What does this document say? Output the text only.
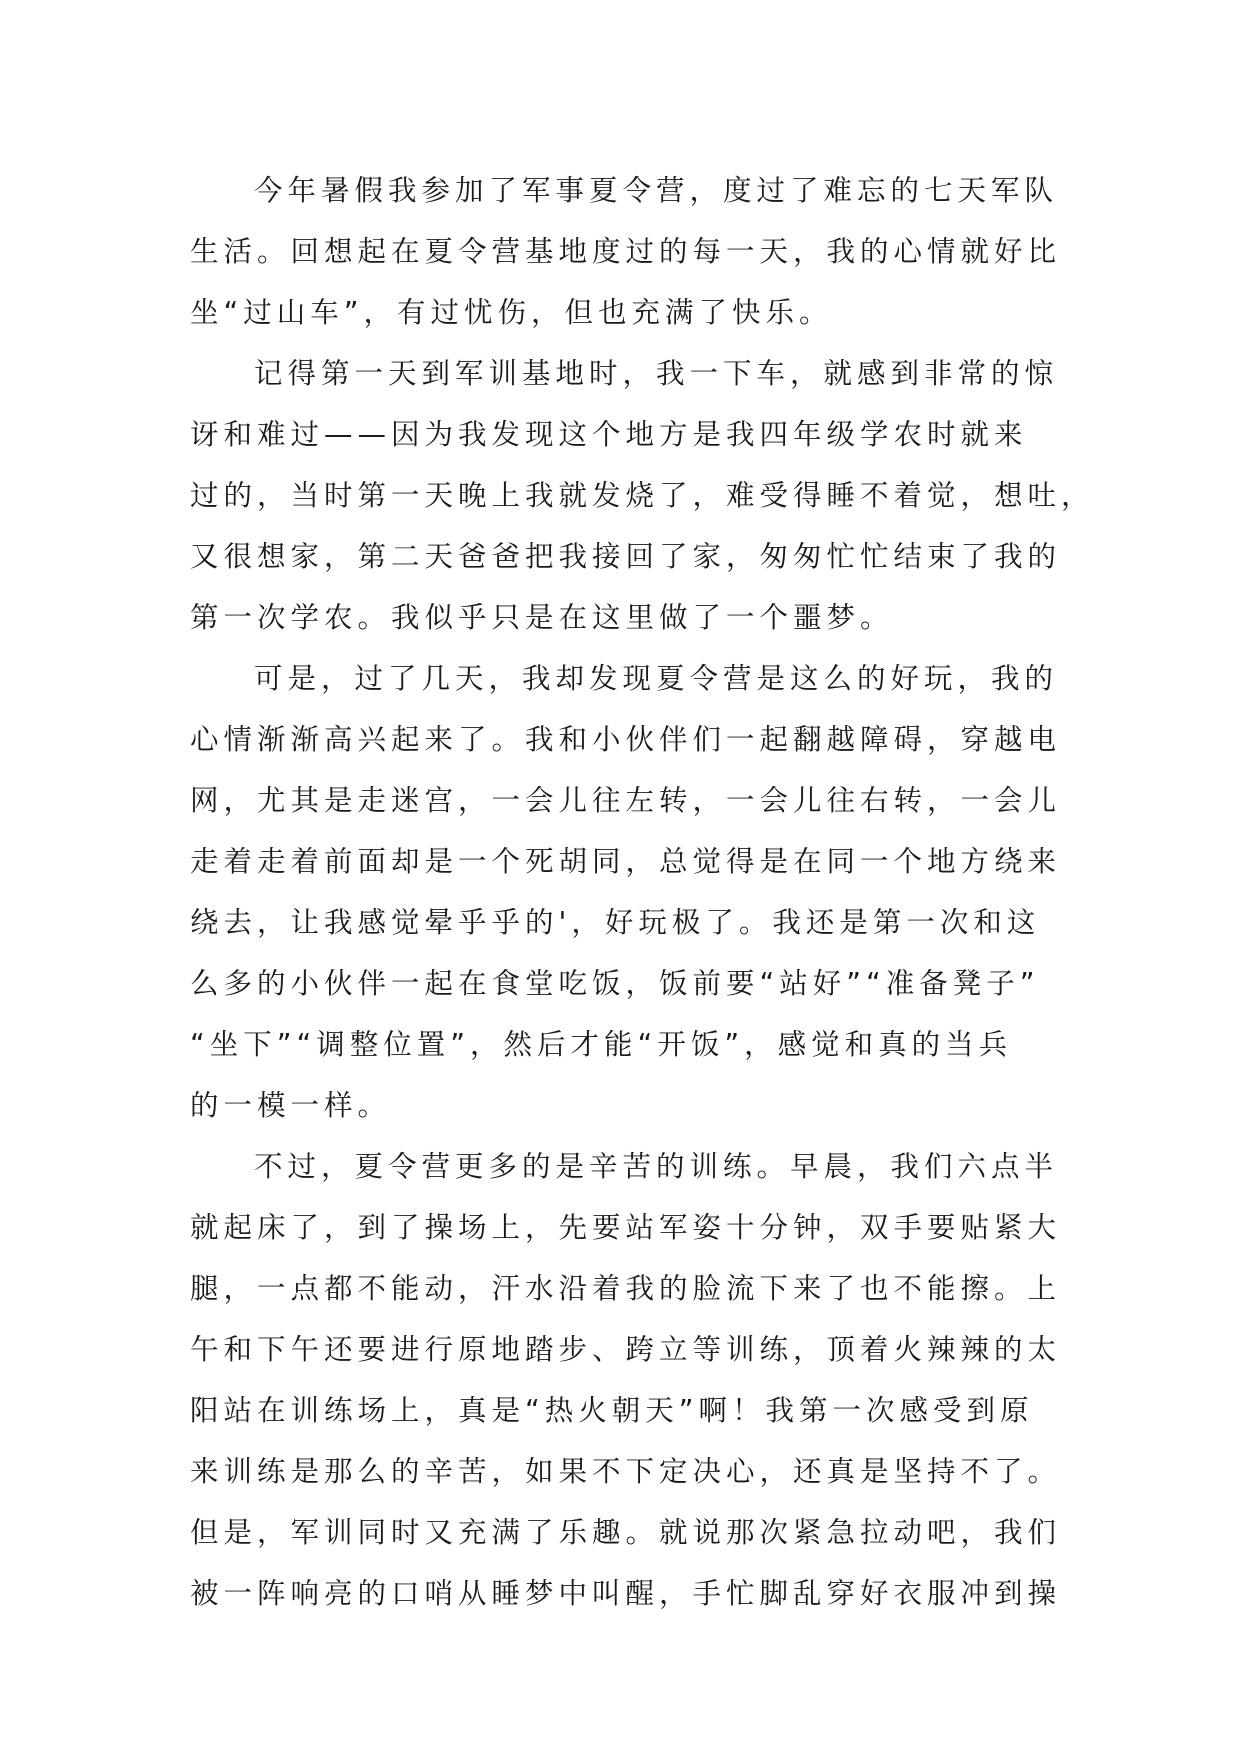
今年暑假我参加了军事夏令营，度过了难忘的七天军队
生活。回想起在夏令营基地度过的每一天，我的心情就好比
坐“过山车”，有过忧伤，但也充满了快乐。
记得第一天到军训基地时，我一下车，就感到非常的惊
讶和难过——因为我发现这个地方是我四年级学农时就来
过的，当时第一天晚上我就发烧了，难受得睡不着觉，想吐，
又很想家，第二天爸爸把我接回了家，匆匆忙忙结束了我的
第一次学农。我似乎只是在这里做了一个噩梦。
可是，过了几天，我却发现夏令营是这么的好玩，我的
心情渐渐高兴起来了。我和小伙伴们一起翻越障碍，穿越电
网，尤其是走迷宫，一会儿往左转，一会儿往右转，一会儿
走着走着前面却是一个死胡同，总觉得是在同一个地方绕来
绕去，让我感觉晕乎乎的'，好玩极了。我还是第一次和这
么多的小伙伴一起在食堂吃饭，饭前要“站好”“准备凳子”
“坐下”“调整位置”，然后才能“开饭”，感觉和真的当兵
的一模一样。
不过，夏令营更多的是辛苦的训练。早晨，我们六点半
就起床了，到了操场上，先要站军姿十分钟，双手要贴紧大
腿，一点都不能动，汗水沿着我的脸流下来了也不能擦。上
午和下午还要进行原地踏步、跨立等训练，顶着火辣辣的太
阳站在训练场上，真是“热火朝天”啊！我第一次感受到原
来训练是那么的辛苦，如果不下定决心，还真是坚持不了。
但是，军训同时又充满了乐趣。就说那次紧急拉动吧，我们
被一阵响亮的口哨从睡梦中叫醒，手忙脚乱穿好衣服冲到操
